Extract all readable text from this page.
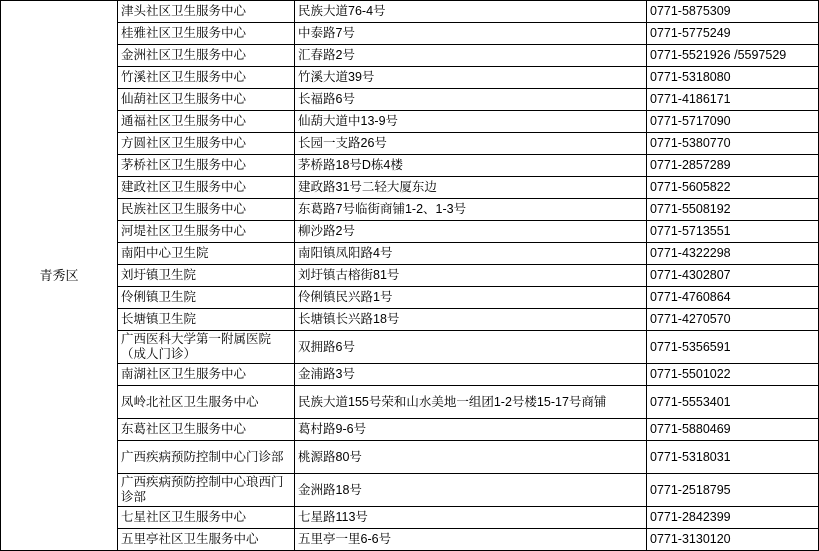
青秀区	津头社区卫生服务中心	民族大道76-4号	0771-5875309
	桂雅社区卫生服务中心	中泰路7号	0771-5775249
	金洲社区卫生服务中心	汇春路2号	0771-5521926 /5597529
	竹溪社区卫生服务中心	竹溪大道39号	0771-5318080
	仙葫社区卫生服务中心	长福路6号	0771-4186171
	通福社区卫生服务中心	仙葫大道中13-9号	0771-5717090
	方圆社区卫生服务中心	长园一支路26号	0771-5380770
	茅桥社区卫生服务中心	茅桥路18号D栋4楼	0771-2857289
	建政社区卫生服务中心	建政路31号二轻大厦东边	0771-5605822
	民族社区卫生服务中心	东葛路7号临街商铺1-2、1-3号	0771-5508192
	河堤社区卫生服务中心	柳沙路2号	0771-5713551
	南阳中心卫生院	南阳镇凤阳路4号	0771-4322298
	刘圩镇卫生院	刘圩镇古榕街81号	0771-4302807
	伶俐镇卫生院	伶俐镇民兴路1号	0771-4760864
	长塘镇卫生院	长塘镇长兴路18号	0771-4270570
	广西医科大学第一附属医院（成人门诊）	双拥路6号	0771-5356591
	南湖社区卫生服务中心	金浦路3号	0771-5501022
	凤岭北社区卫生服务中心	民族大道155号荣和山水美地一组团1-2号楼15-17号商铺	0771-5553401
	东葛社区卫生服务中心	葛村路9-6号	0771-5880469
	广西疾病预防控制中心门诊部	桃源路80号	0771-5318031
	广西疾病预防控制中心琅西门诊部	金洲路18号	0771-2518795
	七星社区卫生服务中心	七星路113号	0771-2842399
	五里亭社区卫生服务中心	五里亭一里6-6号	0771-3130120
